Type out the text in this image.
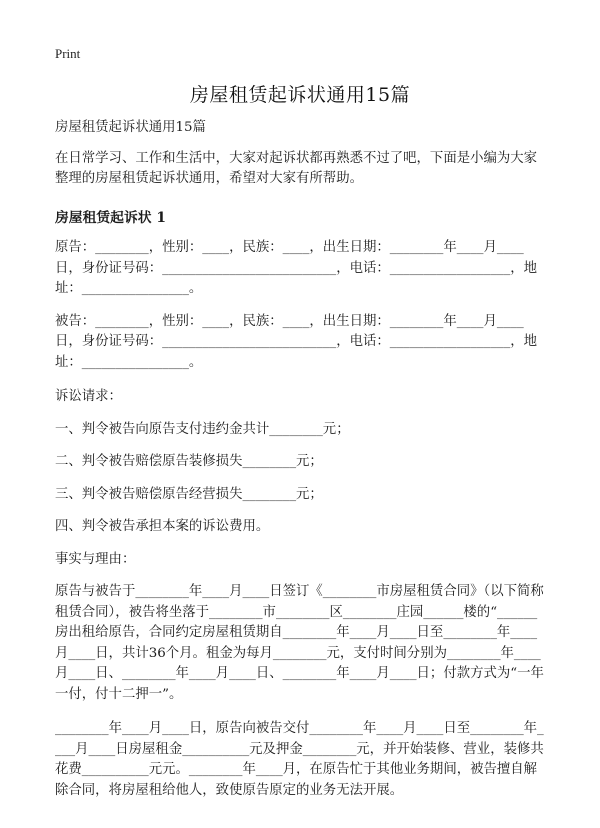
Print
房屋租赁起诉状通用15篇

房屋租赁起诉状通用15篇

在日常学习、工作和生活中，大家对起诉状都再熟悉不过了吧，下面是小编为大家整理的房屋租赁起诉状通用，希望对大家有所帮助。

房屋租赁起诉状 1

原告：________，性别：____，民族：____，出生日期：________年____月____日，身份证号码：__________________________，电话：__________________，地址：________________。

被告：________，性别：____，民族：____，出生日期：________年____月____日，身份证号码：__________________________，电话：__________________，地址：________________。

诉讼请求：

一、判令被告向原告支付违约金共计________元；

二、判令被告赔偿原告装修损失________元；

三、判令被告赔偿原告经营损失________元；

四、判令被告承担本案的诉讼费用。

事实与理由：

原告与被告于________年____月____日签订《________市房屋租赁合同》（以下简称租赁合同），被告将坐落于________市________区________庄园______楼的“______房出租给原告，合同约定房屋租赁期自________年____月____日至________年____月____日，共计36个月。租金为每月________元，支付时间分别为________年____月____日、________年____月____日、________年____月____日；付款方式为“一年一付，付十二押一”。

________年____月____日，原告向被告交付________年____月____日至________年____月____日房屋租金__________元及押金________元，并开始装修、营业，装修共花费__________元元。________年____月，在原告忙于其他业务期间，被告擅自解除合同，将房屋租给他人，致使原告原定的业务无法开展。
